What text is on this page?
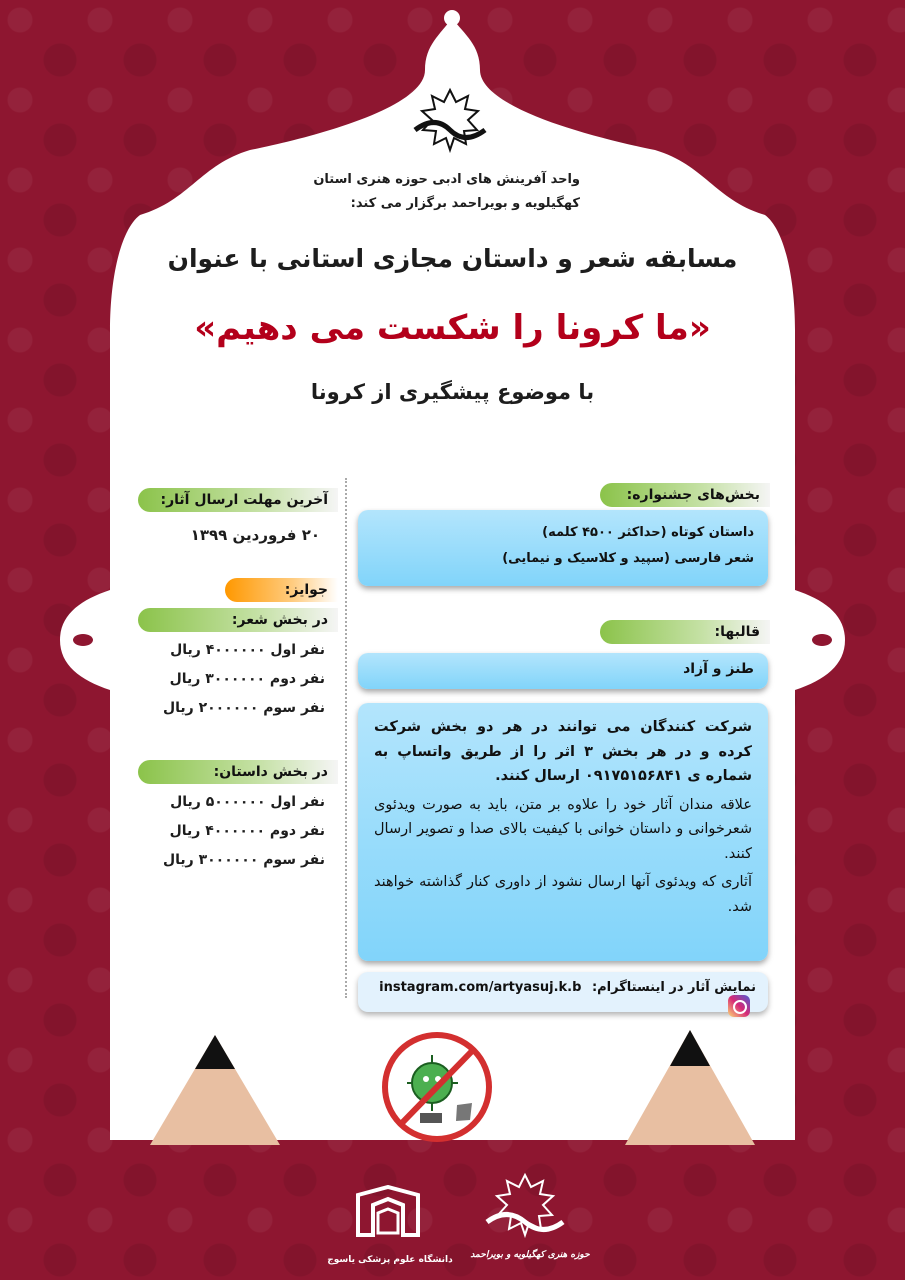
واحد آفرینش های ادبی حوزه هنری استان
کهگیلویه و بویراحمد برگزار می کند:
مسابقه شعر و داستان مجازی استانی با عنوان
«ما کرونا را شکست می دهیم»
با موضوع پیشگیری از کرونا
بخش‌های جشنواره:
داستان کوتاه (حداکثر ۴۵۰۰ کلمه)
شعر فارسی (سپید و کلاسیک و نیمایی)
قالبها:
طنز و آزاد
شرکت کنندگان می توانند در هر دو بخش شرکت کرده و در هر بخش ۳ اثر را از طریق واتساپ به شماره ی ۰۹۱۷۵۱۵۶۸۴۱ ارسال کنند.
علاقه مندان آثار خود را علاوه بر متن، باید به صورت ویدئوی شعرخوانی و داستان خوانی با کیفیت بالای صدا و تصویر ارسال کنند.
آثاری که ویدئوی آنها ارسال نشود از داوری کنار گذاشته خواهند شد.
نمایش آثار در اینستاگرام: instagram.com/artyasuj.k.b
آخرین مهلت ارسال آثار:
۲۰ فروردین ۱۳۹۹
جوایز:
در بخش شعر:
نفر اول ۴۰۰۰۰۰۰ ریال
نفر دوم ۳۰۰۰۰۰۰ ریال
نفر سوم ۲۰۰۰۰۰۰ ریال
در بخش داستان:
نفر اول ۵۰۰۰۰۰۰ ریال
نفر دوم ۴۰۰۰۰۰۰ ریال
نفر سوم ۳۰۰۰۰۰۰ ریال
دانشگاه علوم پزشکی یاسوج	حوزه هنری کهگیلویه و بویراحمد
